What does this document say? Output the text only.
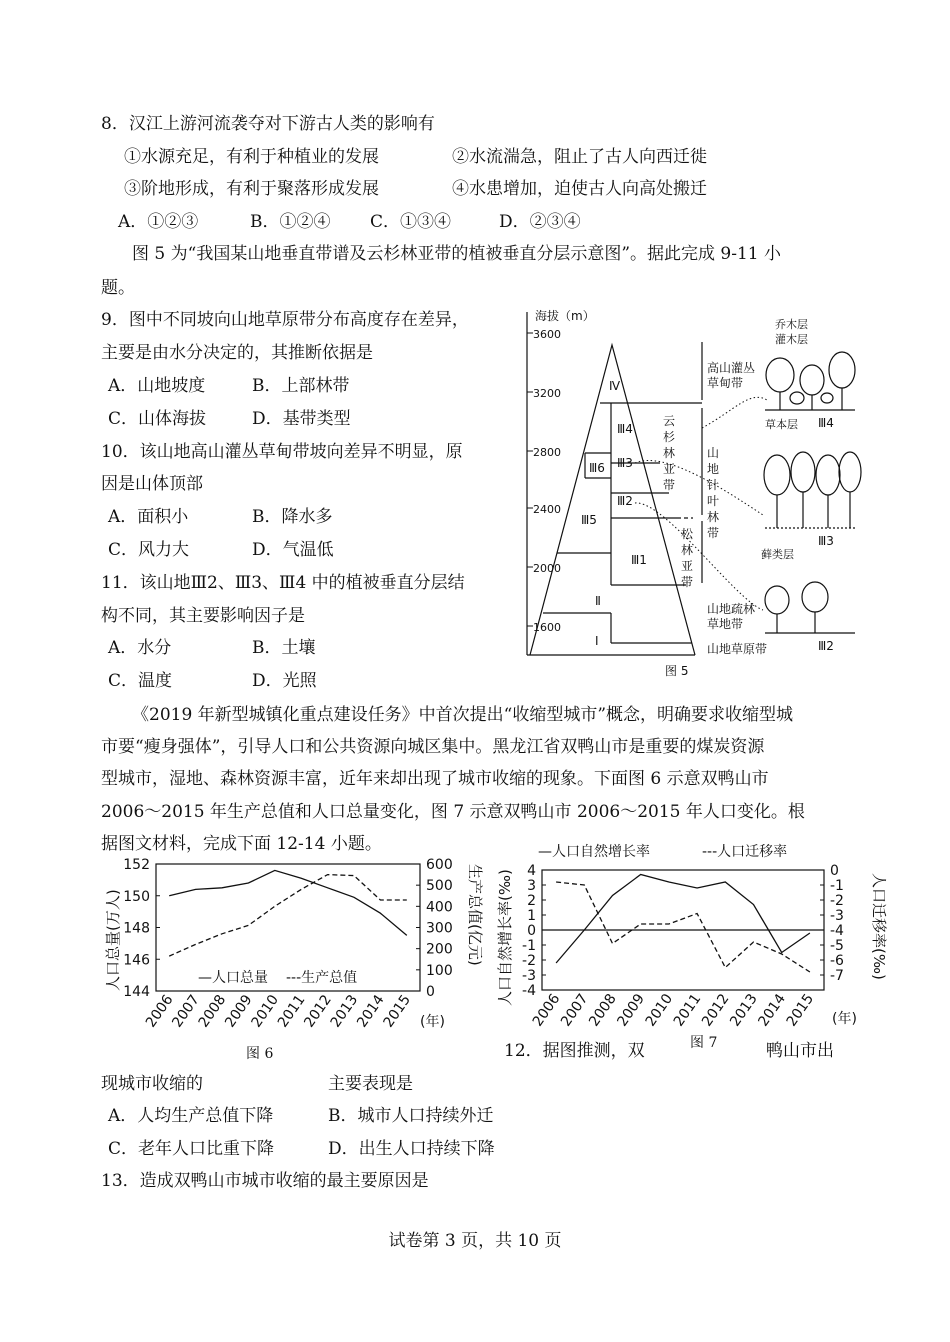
8．汉江上游河流袭夺对下游古人类的影响有
①水源充足，有利于种植业的发展	②水流湍急，阻止了古人向西迁徙
③阶地形成，有利于聚落形成发展	④水患增加，迫使古人向高处搬迁
A．①②③	B．①②④ C．①③④	D．②③④
图 5 为“我国某山地垂直带谱及云杉林亚带的植被垂直分层示意图”。据此完成 9-11 小
题。
9．图中不同坡向山地草原带分布高度存在差异，
主要是由水分决定的，其推断依据是
A．山地坡度	B．上部林带
C．山体海拔	D．基带类型
10．该山地高山灌丛草甸带坡向差异不明显，原
因是山体顶部
A．面积小	B．降水多
C．风力大	D．气温低
11．该山地Ⅲ2、Ⅲ3、Ⅲ4 中的植被垂直分层结
构不同，其主要影响因子是
A．水分	B．土壤
C．温度	D．光照
海拔（m）
3600
3200
2800
2400
2000
1600
Ⅳ
Ⅲ6
Ⅲ4
Ⅲ3
Ⅲ2
Ⅲ5
Ⅲ1
Ⅱ
Ⅰ
高山灌丛
草甸带
云
杉
林
亚
带
山
地
针
叶
林
带
松
林
亚
带
山地疏林
草地带
山地草原带
乔木层
灌木层
草本层 Ⅲ4
藓类层
Ⅲ3
Ⅲ2
图 5
《2019 年新型城镇化重点建设任务》中首次提出“收缩型城市”概念，明确要求收缩型城
市要“瘦身强体”，引导人口和公共资源向城区集中。黑龙江省双鸭山市是重要的煤炭资源
型城市，湿地、森林资源丰富，近年来却出现了城市收缩的现象。下面图 6 示意双鸭山市
2006～2015 年生产总值和人口总量变化，图 7 示意双鸭山市 2006～2015 年人口变化。根
据图文材料，完成下面 12-14 小题。
人口总量(万人)	生产总值(亿元)
152
150
148
146
144
600
500
400
300
200
100
0
2006
2007
2008
2009
2010
2011
2012
2013
2014
2015 (年)
—人口总量 ---生产总值
图 6
—人口自然增长率	---人口迁移率
人口自然增长率(‰)	人口迁移率(‰)
4
3
2
1
0
-1
-2
-3
-4
0
-1
-2
-3
-4
-5
-6
-7
2006
2007
2008
2009
2010
2011
2012
2013
2014
2015 (年)
图 7
12．据图推测，双	鸭山市出
现城市收缩的	主要表现是
A．人均生产总值下降	B．城市人口持续外迁
C．老年人口比重下降	D．出生人口持续下降
13．造成双鸭山市城市收缩的最主要原因是
试卷第 3 页，共 10 页
